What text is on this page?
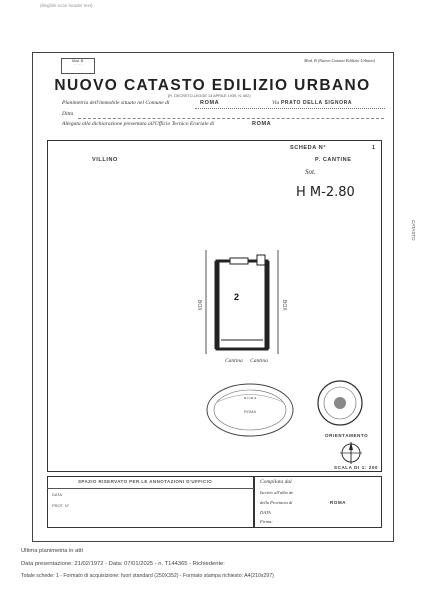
(illegible scan header text)
Mod. B.
· · · ·
Mod. B (Nuovo Catasto Edilizio Urbano)
NUOVO CATASTO EDILIZIO URBANO
(R. DECRETO-LEGGE 13 APRILE 1939, N. 652)
Planimetria dell'immobile situato nel Comune di	ROMA	Via PRATO DELLA SIGNORA
Ditta
Allegata alla dichiarazione presentata all'Ufficio Tecnico Erariale di	ROMA
SCHEDA N°	1
VILLINO	P. CANTINE
Sot.
H M-2.80
2
BOX	BOX
Cantina Cantina
ROMA
R O M A
ORIENTAMENTO
SCALA DI 1: 200
SPAZIO RISERVATO PER LE ANNOTAZIONI D'UFFICIO
DATA
PROT. N°
Compilata dal
Iscritto all'albo de
della Provincia di	ROMA
DATA
Firma:
CATASTO
Ultima planimetria in atti
Data presentazione: 21/02/1972 - Data: 07/01/2025 - n. T144365 - Richiedente:
Totale schede: 1 - Formato di acquisizione: fuori standard (250X352) - Formato stampa richiesto: A4(210x297)
